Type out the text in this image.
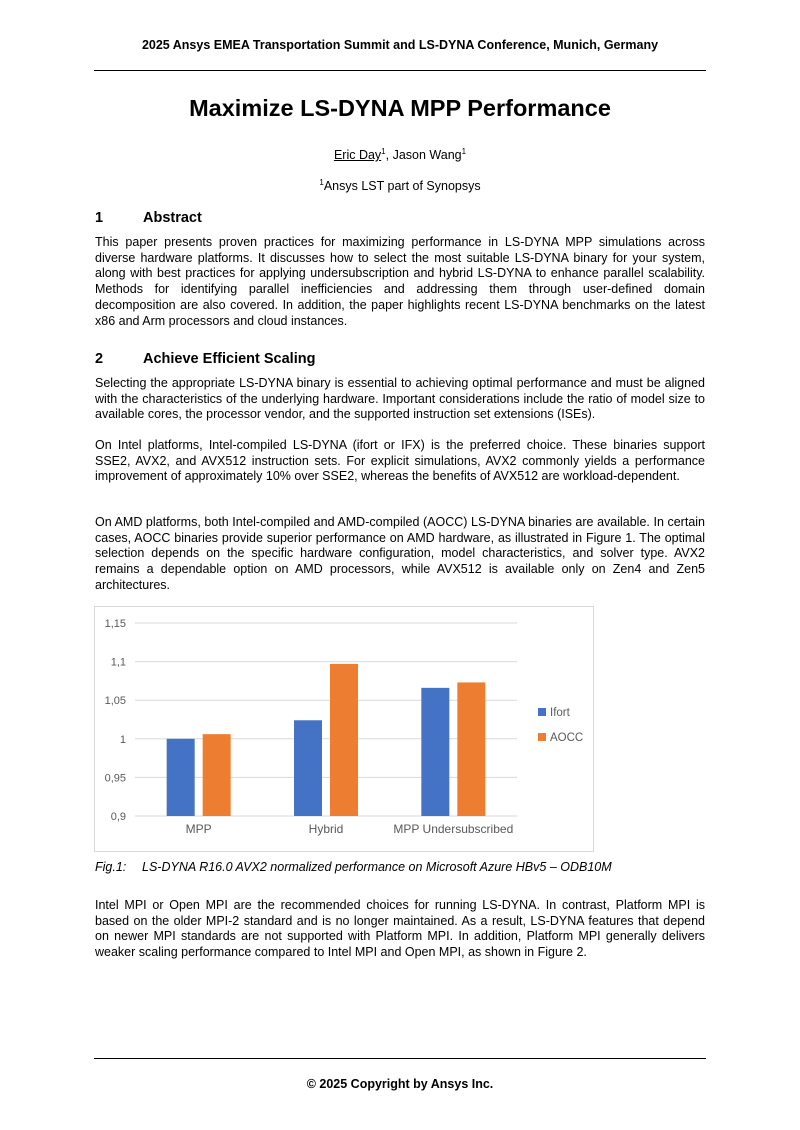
2025 Ansys EMEA Transportation Summit and LS-DYNA Conference, Munich, Germany
Maximize LS-DYNA MPP Performance
Eric Day$^1$, Jason Wang$^1$
$^1$Ansys LST part of Synopsys
1	Abstract

This paper presents proven practices for maximizing performance in LS-DYNA MPP simulations across diverse hardware platforms. It discusses how to select the most suitable LS-DYNA binary for your system, along with best practices for applying undersubscription and hybrid LS-DYNA to enhance parallel scalability. Methods for identifying parallel inefficiencies and addressing them through user-defined domain decomposition are also covered. In addition, the paper highlights recent LS-DYNA benchmarks on the latest x86 and Arm processors and cloud instances.

2	Achieve Efficient Scaling

Selecting the appropriate LS-DYNA binary is essential to achieving optimal performance and must be aligned with the characteristics of the underlying hardware. Important considerations include the ratio of model size to available cores, the processor vendor, and the supported instruction set extensions (ISEs).

On Intel platforms, Intel-compiled LS-DYNA (ifort or IFX) is the preferred choice. These binaries support SSE2, AVX2, and AVX512 instruction sets. For explicit simulations, AVX2 commonly yields a performance improvement of approximately 10% over SSE2, whereas the benefits of AVX512 are workload-dependent.

On AMD platforms, both Intel-compiled and AMD-compiled (AOCC) LS-DYNA binaries are available. In certain cases, AOCC binaries provide superior performance on AMD hardware, as illustrated in Figure 1. The optimal selection depends on the specific hardware configuration, model characteristics, and solver type. AVX2 remains a dependable option on AMD processors, while AVX512 is available only on Zen4 and Zen5 architectures.

0,9
0,95
1
1,05
1,1
1,15
MPP	Hybrid	MPP Undersubscribed
Ifort
AOCC
Fig.1: LS-DYNA R16.0 AVX2 normalized performance on Microsoft Azure HBv5 – ODB10M

Intel MPI or Open MPI are the recommended choices for running LS-DYNA. In contrast, Platform MPI is based on the older MPI-2 standard and is no longer maintained. As a result, LS-DYNA features that depend on newer MPI standards are not supported with Platform MPI. In addition, Platform MPI generally delivers weaker scaling performance compared to Intel MPI and Open MPI, as shown in Figure 2.

© 2025 Copyright by Ansys Inc.
